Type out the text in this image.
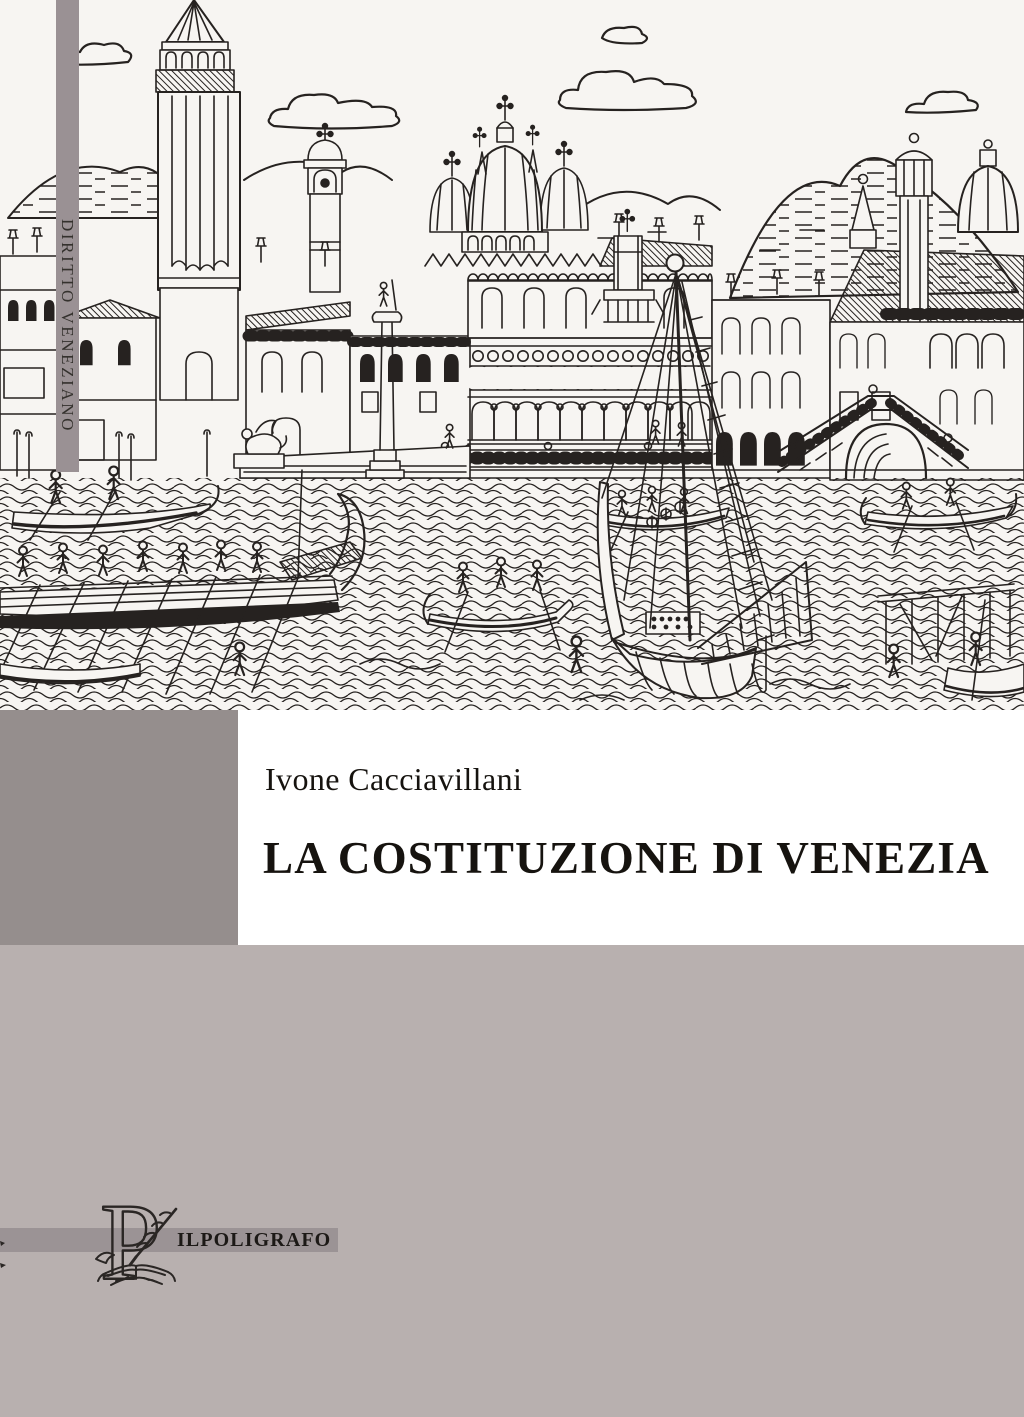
DIRITTO VENEZIANO
Ivone Cacciavillani
LA COSTITUZIONE DI VENEZIA
P ILPOLIGRAFO
